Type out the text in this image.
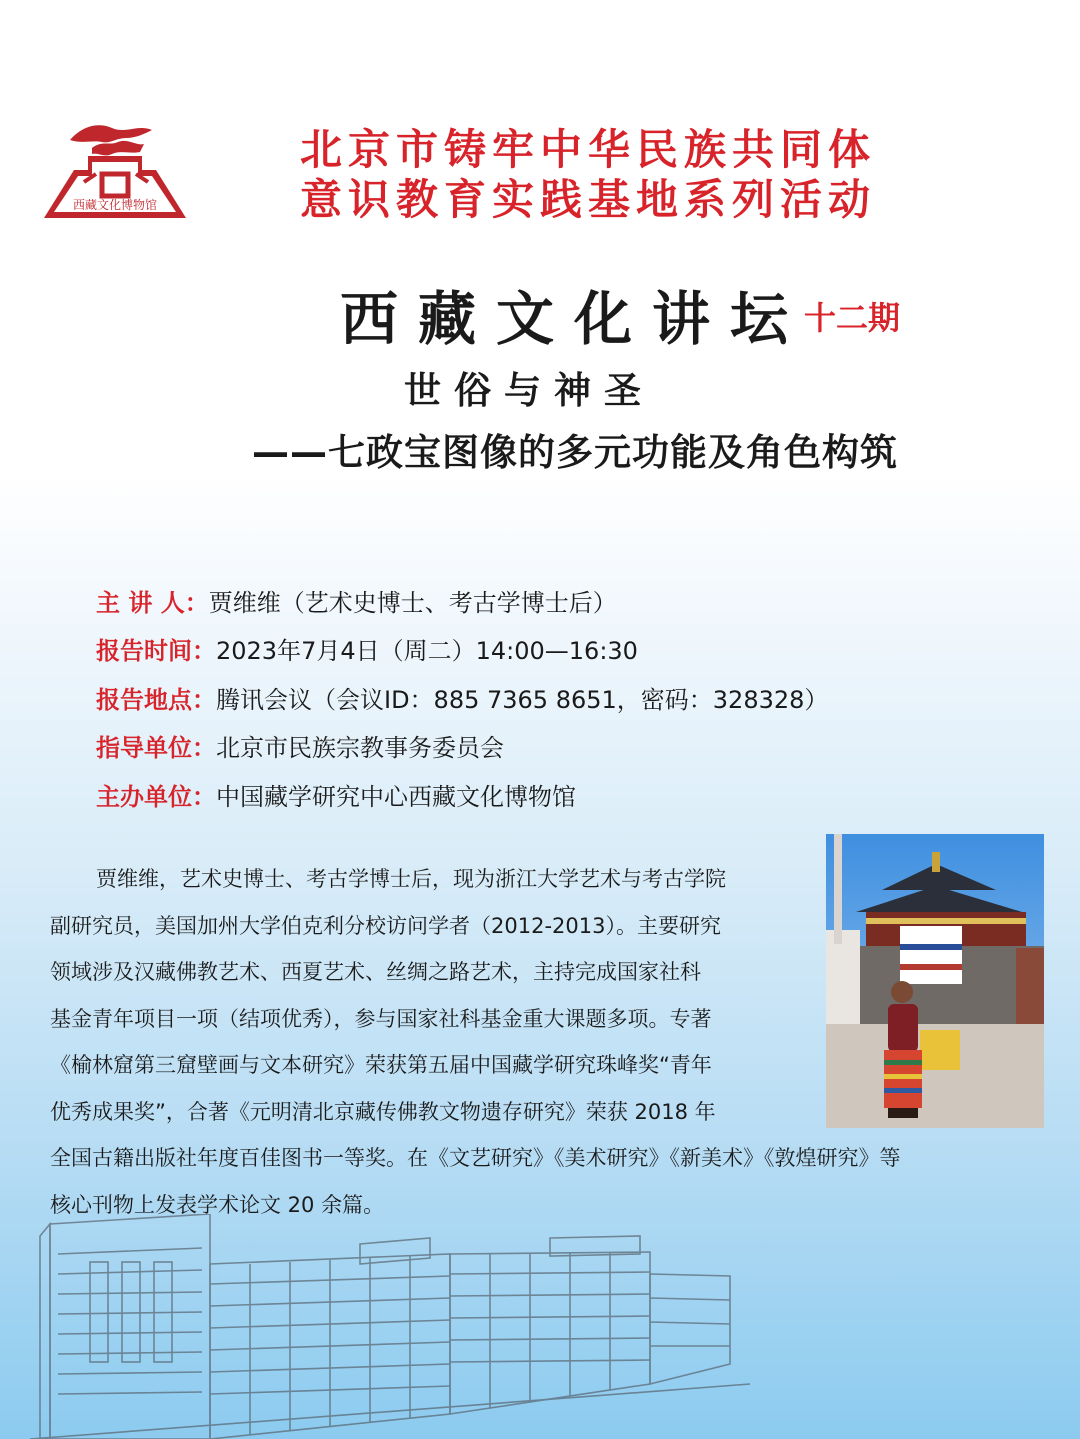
西藏文化博物馆
北京市铸牢中华民族共同体
意识教育实践基地系列活动
西藏文化讲坛十二期
世俗与神圣
——七政宝图像的多元功能及角色构筑
主 讲 人：贾维维（艺术史博士、考古学博士后）
报告时间：2023年7月4日（周二）14:00—16:30
报告地点：腾讯会议（会议ID：885 7365 8651，密码：328328）
指导单位：北京市民族宗教事务委员会
主办单位：中国藏学研究中心西藏文化博物馆
贾维维，艺术史博士、考古学博士后，现为浙江大学艺术与考古学院
副研究员，美国加州大学伯克利分校访问学者（2012-2013）。主要研究
领域涉及汉藏佛教艺术、西夏艺术、丝绸之路艺术，主持完成国家社科
基金青年项目一项（结项优秀），参与国家社科基金重大课题多项。专著
《榆林窟第三窟壁画与文本研究》荣获第五届中国藏学研究珠峰奖“青年
优秀成果奖”，合著《元明清北京藏传佛教文物遗存研究》荣获 2018 年
全国古籍出版社年度百佳图书一等奖。在《文艺研究》《美术研究》《新美术》《敦煌研究》等
核心刊物上发表学术论文 20 余篇。
